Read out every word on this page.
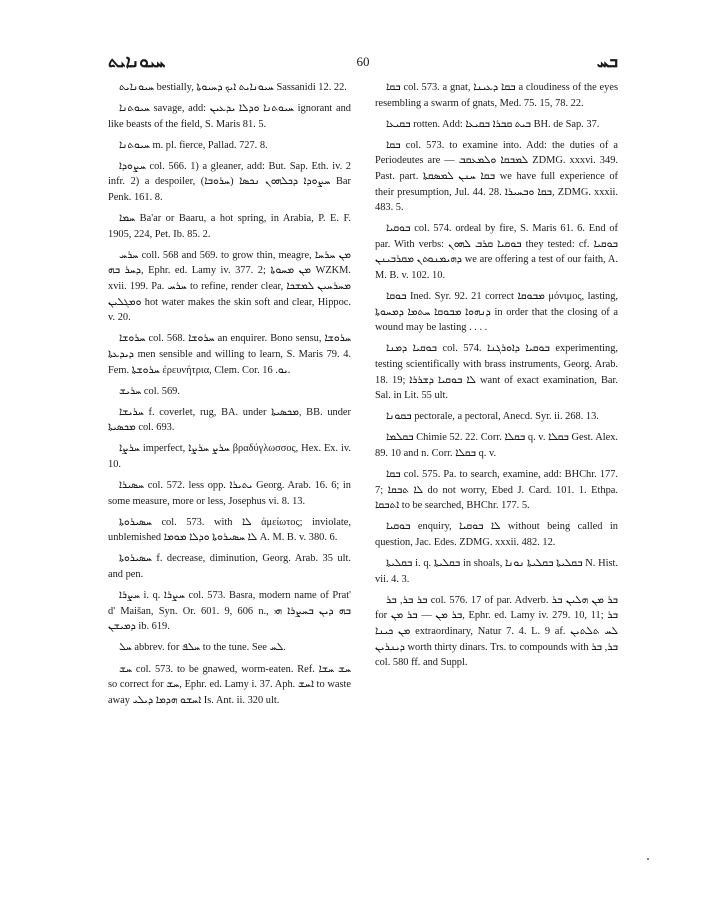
ܚܝܘܢܐܝܬ	60	ܒܚ

ܚܝܘܢܐܝܬ bestially, ܚܝܘܢܐܝܬ ܐܝܟ ܕܚܝܘܬܐ Sassanidi 12. 22.

ܚܝܘܬܢܐ savage, add: ܚܝܘܬܢܐ ܘܕܠܐ ܝܕܥܝܢ ignorant and like beasts of the field, S. Maris 81. 5.

ܚܝܘܬܢܐ m. pl. fierce, Pallad. 727. 8.

ܚܨܘܕܐ col. 566. 1) a gleaner, add: But. Sap. Eth. iv. 2 infr. 2) a despoiler, (ܚܪܘܒܐ) ܚܨܘܕܐ ܕܟܠܗܘܢ ܢܟܣܐ Bar Penk. 161. 8.

ܚܡܐ Ba'ar or Baaru, a hot spring, in Arabia, P. E. F. 1905, 224, Pet. Ib. 85. 2.

ܚܪܚ coll. 568 and 569. to grow thin, meagre, ܡܢ ܚܪܚܐ ܕܚܪ ܒܗ, Ephr. ed. Lamy iv. 377. 2; ܡܢ ܡܚܘܬܐ WZKM. xvii. 199. Pa. ܚܪܚ to refine, render clear, ܡܚܪܚܝܢ ܠܡܫܟܐ ܘܡܓܠܝܢ hot water makes the skin soft and clear, Hippoc. v. 20.

ܚܪܘܫܐ col. 568. ܚܪܘܫܐ an enquirer. Bono sensu, ܚܪܘܫܐ ܕܝܕܥܬܐ men sensible and willing to learn, S. Maris 79. 4. Fem. ܚܪܘܫܬܐ ἐρευνήτρια, Clem. Cor. ܝܘ. 16.

ܚܪܝܫ col. 569.

ܚܪܝܫܐ f. coverlet, rug, BA. under ܡܟܣܝܬܐ, BB. under ܡܟܣܝܬܐ col. 693.

ܚܪܨܐ imperfect, ܚܪܨ ܚܪܨܐ βραδύγλωσσος, Hex. Ex. iv. 10.

ܚܣܝܪܐ col. 572. less opp. ܝܬܝܪܐ Georg. Arab. 16. 6; in some measure, more or less, Josephus vi. 8. 13.

ܚܣܝܪܘܬܐ col. 573. with ܠܐ ἀμείωτος; inviolate, unblemished ܠܐ ܚܣܝܪܘܬܐ ܘܕܠܐ ܡܘܡܐ A. M. B. v. 380. 6.

ܚܣܝܪܘܬܐ f. decrease, diminution, Georg. Arab. 35 ult. and pen.

ܚܨܪܐ i. q. ܚܨܪܐ col. 573. Basra, modern name of Prat' d' Maišan, Syn. Or. 601. 9, 606 n., ܒܗ ܕܝܢ ܒܚܨܪܐ ܗܝ ܕܡܝܫܢ ib. 619.

ܚܠ abbrev. for ܚܠܦ to the tune. See ܠܚ.

ܚܫ col. 573. to be gnawed, worm-eaten. Ref. ܚܫ ܚܫܐ so correct for ܚܫ, Ephr. ed. Lamy i. 37. Aph. ܐܚܫ to waste away ܐܚܫܘ ܗܕܡܐ ܕܝܠܝ Is. Ant. ii. 320 ult.

ܒܩܐ col. 573. a gnat, ܒܩܐ ܕܥܝܢܐ a cloudiness of the eyes resembling a swarm of gnats, Med. 75. 15, 78. 22.

ܒܩܝܥܐ rotten. Add: ܒܝܬ ܩܒܪܐ ܒܩܝܥܐ BH. de Sap. 37.

ܒܩܐ col. 573. to examine into. Add: the duties of a Periodeutes are — ܠܡܒܩܐ ܘܠܡܥܩܒ ZDMG. xxxvi. 349. Past. part. ܒܩܐ ܚܢܢ ܠܡܣܩܬܐ we have full experience of their presumption, Jul. 44. 28. ܒܩܐ ܘܒܚܝܪܐ, ZDMG. xxxii. 483. 5.

ܒܘܩܝܐ col. 574. ordeal by fire, S. Maris 61. 6. End of par. With verbs: ܒܘܩܝܐ ܩܪܒ ܠܗܘܢ they tested: cf. ܒܘܩܝܐ ܕܗܝܡܢܘܬܢ ܡܩܪܒܝܢܢ we are offering a test of our faith, A. M. B. v. 102. 10.

ܒܘܩܐ Ined. Syr. 92. 21 correct ܡܒܘܩܐ μόνιμος, lasting, ܕܢܗܘܐ ܡܒܘܩܐ ܚܬܡܐ ܕܡܚܘܬܐ in order that the closing of a wound may be lasting . . . .

ܒܘܩܝܐ ܕܡܢܐ col. 574. ܒܘܩܝܐ ܕܐܘܪܓܢܐ experimenting, testing scientifically with brass instruments, Georg. Arab. 18. 19; ܠܐ ܒܘܩܝܐ ܕܫܪܪܐ want of exact examination, Bar. Sal. in Lit. 55 ult.

ܒܩܘܢܐ pectorale, a pectoral, Anecd. Syr. ii. 268. 13.

ܒܩܠܡܐ Chimie 52. 22. Corr. ܒܩܠܐ q. v. ܒܩܠܐ Gest. Alex. 89. 10 and n. Corr. ܒܩܠܐ q. v.

ܒܩܐ col. 575. Pa. to search, examine, add: BHChr. 177. 7; ܠܐ ܬܒܩܐ do not worry, Ebed J. Card. 101. 1. Ethpa. ܐܬܒܩܐ to be searched, BHChr. 177. 5.

ܒܘܩܝܐ enquiry, ܠܐ ܒܘܩܝܐ without being called in question, Jac. Edes. ZDMG. xxxii. 482. 12.

ܒܩܠܝܬܐ i. q. ܒܩܠܝܬܐ in shoals, ܒܩܠܝܬܐ ܒܩܠܝܬܐ ܢܘܢܐ N. Hist. vii. 4. 3.

ܒܪ ܒܪ, ܒܪ col. 576. 17 of par. Adverb. ܒܪ ܡܢ ܗܠܝܢ ܒܪ for ܒܪ ܡܢ — ܒܪ ܡܢ, Ephr. ed. Lamy iv. 279. 10, 11; ܒܪ ܡܢ ܟܝܢܐ extraordinary, Natur 7. 4. L. 9 af. ܠܚ ܬܠܬܝܢ ܕܝܢܪܝܢ worth thirty dinars. Trs. to compounds with ܒܪ, ܒܪ col. 580 ff. and Suppl.
